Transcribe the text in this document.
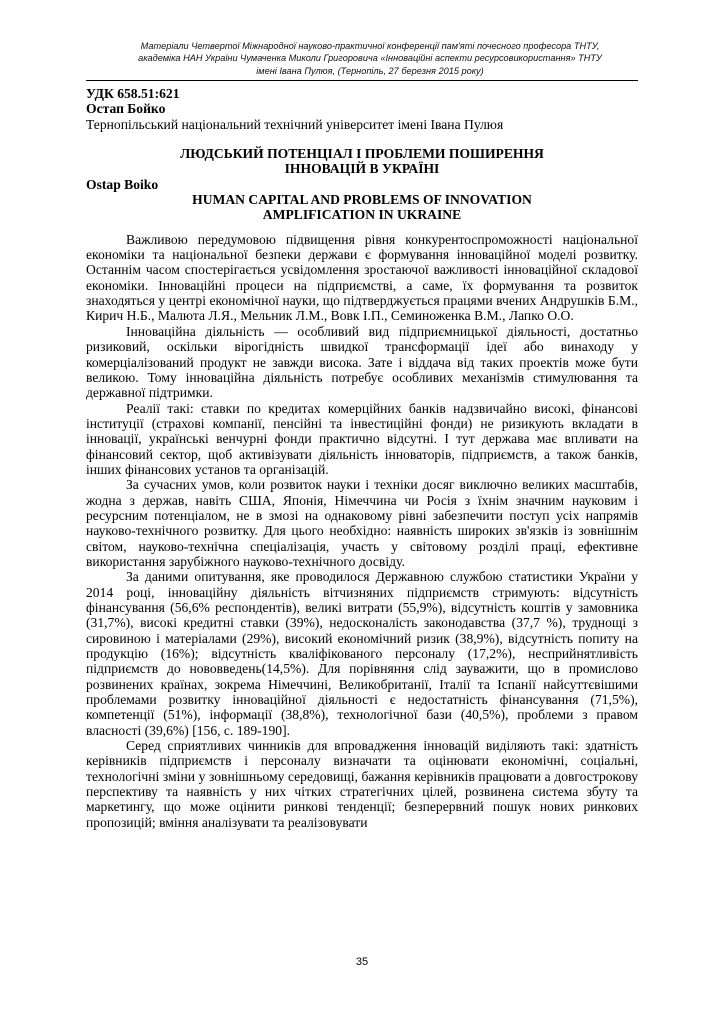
Матеріали Четвертої Міжнародної науково-практичної конференції пам'яті почесного професора ТНТУ,
академіка НАН України Чумаченка Миколи Григоровича «Інноваційні аспекти ресурсовикористання» ТНТУ
імені Івана Пулюя, (Тернопіль, 27 березня 2015 року)

УДК 658.51:621

Остап Бойко

Тернопільський національний технічний університет імені Івана Пулюя

ЛЮДСЬКИЙ ПОТЕНЦІАЛ І ПРОБЛЕМИ ПОШИРЕННЯ

ІННОВАЦІЙ В УКРАЇНІ

Ostap Boiko

HUMAN CAPITAL AND PROBLEMS OF INNOVATION

AMPLIFICATION IN UKRAINE

Важливою передумовою підвищення рівня конкурентоспроможності національної економіки та національної безпеки держави є формування інноваційної моделі розвитку. Останнім часом спостерігається усвідомлення зростаючої важливості інноваційної складової економіки. Інноваційні процеси на підприємстві, а саме, їх формування та розвиток знаходяться у центрі економічної науки, що підтверджується працями вчених Андрушків Б.М., Кирич Н.Б., Малюта Л.Я., Мельник Л.М., Вовк І.П., Семиноженка В.М., Лапко О.О.

Інноваційна діяльність — особливий вид підприємницької діяльності, достатньо ризиковий, оскільки вірогідність швидкої трансформації ідеї або винаходу у комерціалізований продукт не завжди висока. Зате і віддача від таких проектів може бути великою. Тому інноваційна діяльність потребує особливих механізмів стимулювання та державної підтримки.

Реалії такі: ставки по кредитах комерційних банків надзвичайно високі, фінансові інституції (страхові компанії, пенсійні та інвестиційні фонди) не ризикують вкладати в інновації, українські венчурні фонди практично відсутні. І тут держава має впливати на фінансовий сектор, щоб активізувати діяльність інноваторів, підприємств, а також банків, інших фінансових установ та організацій.

За сучасних умов, коли розвиток науки і техніки досяг виключно великих масштабів, жодна з держав, навіть США, Японія, Німеччина чи Росія з їхнім значним науковим і ресурсним потенціалом, не в змозі на однаковому рівні забезпечити поступ усіх напрямів науково-технічного розвитку. Для цього необхідно: наявність широких зв'язків із зовнішнім світом, науково-технічна спеціалізація, участь у світовому розділі праці, ефективне використання зарубіжного науково-технічного досвіду.

За даними опитування, яке проводилося Державною службою статистики України у 2014 році, інноваційну діяльність вітчизняних підприємств стримують: відсутність фінансування (56,6% респондентів), великі витрати (55,9%), відсутність коштів у замовника (31,7%), високі кредитні ставки (39%), недосконалість законодавства (37,7 %), труднощі з сировиною і матеріалами (29%), високий економічний ризик (38,9%), відсутність попиту на продукцію (16%); відсутність кваліфікованого персоналу (17,2%), несприйнятливість підприємств до нововведень(14,5%). Для порівняння слід зауважити, що в промислово розвинених країнах, зокрема Німеччині, Великобританії, Італії та Іспанії найсуттєвішими проблемами розвитку інноваційної діяльності є недостатність фінансування (71,5%), компетенції (51%), інформації (38,8%), технологічної бази (40,5%), проблеми з правом власності (39,6%) [156, с. 189-190].

Серед сприятливих чинників для впровадження інновацій виділяють такі: здатність керівників підприємств і персоналу визначати та оцінювати економічні, соціальні, технологічні зміни у зовнішньому середовищі, бажання керівників працювати а довгострокову перспективу та наявність у них чітких стратегічних цілей, розвинена система збуту та маркетингу, що може оцінити ринкові тенденції; безперервний пошук нових ринкових пропозицій; вміння аналізувати та реалізовувати

35
